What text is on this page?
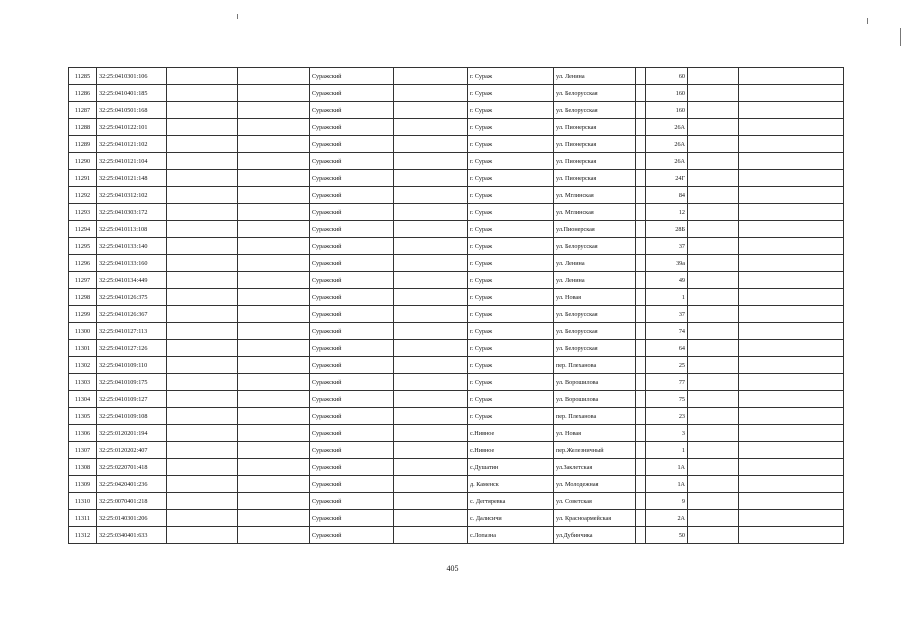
11285	32:25:0410301:106			Суражский		г. Сураж	ул. Ленина		60		
11286	32:25:0410401:185			Суражский		г. Сураж	ул. Белорусская		160		
11287	32:25:0410501:168			Суражский		г. Сураж	ул. Белорусская		160		
11288	32:25:0410122:101			Суражский		г. Сураж	ул. Пионерская		26А		
11289	32:25:0410121:102			Суражский		г. Сураж	ул. Пионерская		26А		
11290	32:25:0410121:104			Суражский		г. Сураж	ул. Пионерская		26А		
11291	32:25:0410121:148			Суражский		г. Сураж	ул. Пионерская		24Г		
11292	32:25:0410312:102			Суражский		г. Сураж	ул. Мглинская		84		
11293	32:25:0410303:172			Суражский		г. Сураж	ул. Мглинская		12		
11294	32:25:0410113:108			Суражский		г. Сураж	ул.Пионерская		28Б		
11295	32:25:0410133:140			Суражский		г. Сураж	ул. Белорусская		37		
11296	32:25:0410133:160			Суражский		г. Сураж	ул. Ленина		39а		
11297	32:25:0410134:449			Суражский		г. Сураж	ул. Ленина		49		
11298	32:25:0410126:375			Суражский		г. Сураж	ул. Новая		1		
11299	32:25:0410126:367			Суражский		г. Сураж	ул. Белорусская		37		
11300	32:25:0410127:113			Суражский		г. Сураж	ул. Белорусская		74		
11301	32:25:0410127:126			Суражский		г. Сураж	ул. Белорусская		64		
11302	32:25:0410109:110			Суражский		г. Сураж	пер. Плеханова		25		
11303	32:25:0410109:175			Суражский		г. Сураж	ул. Ворошилова		77		
11304	32:25:0410109:127			Суражский		г. Сураж	ул. Ворошилова		75		
11305	32:25:0410109:108			Суражский		г. Сураж	пер. Плеханова		23		
11306	32:25:0120201:194			Суражский		с.Нивное	ул. Новая		3		
11307	32:25:0120202:407			Суражский		с.Нивное	пер.Железничный		1		
11308	32:25:0220701:418			Суражский		с.Душатин	ул.Заклетская		1А		
11309	32:25:0420401:236			Суражский		д. Каменск	ул. Молодежная		1А		
11310	32:25:0070401:218			Суражский		с. Дегтяревка	ул. Советская		9		
11311	32:25:0140301:206			Суражский		с. Далисичи	ул. Красноармейская		2А		
11312	32:25:0340401:633			Суражский		с.Лопазна	ул.Дубинчика		50		
405
